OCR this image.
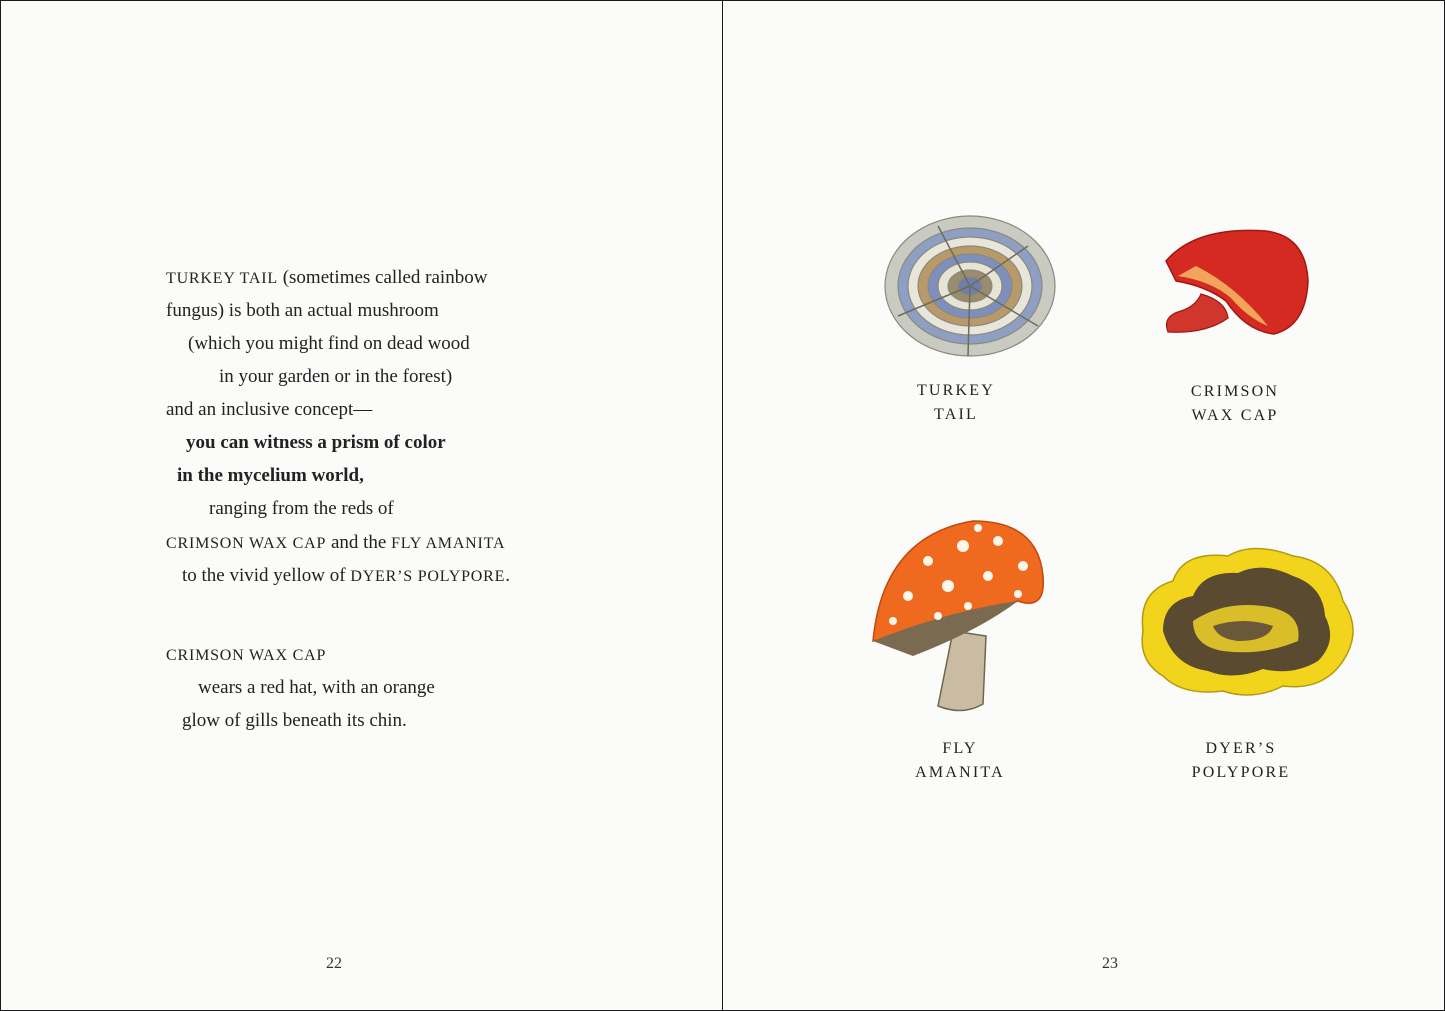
TURKEY TAIL (sometimes called rainbow
fungus) is both an actual mushroom
(which you might find on dead wood
in your garden or in the forest)
and an inclusive concept—
you can witness a prism of color
in the mycelium world,
ranging from the reds of
CRIMSON WAX CAP and the FLY AMANITA
to the vivid yellow of DYER’S POLYPORE.
CRIMSON WAX CAP
wears a red hat, with an orange
glow of gills beneath its chin.
22
TURKEY
TAIL
CRIMSON
WAX CAP
FLY
AMANITA
DYER’S
POLYPORE
23
